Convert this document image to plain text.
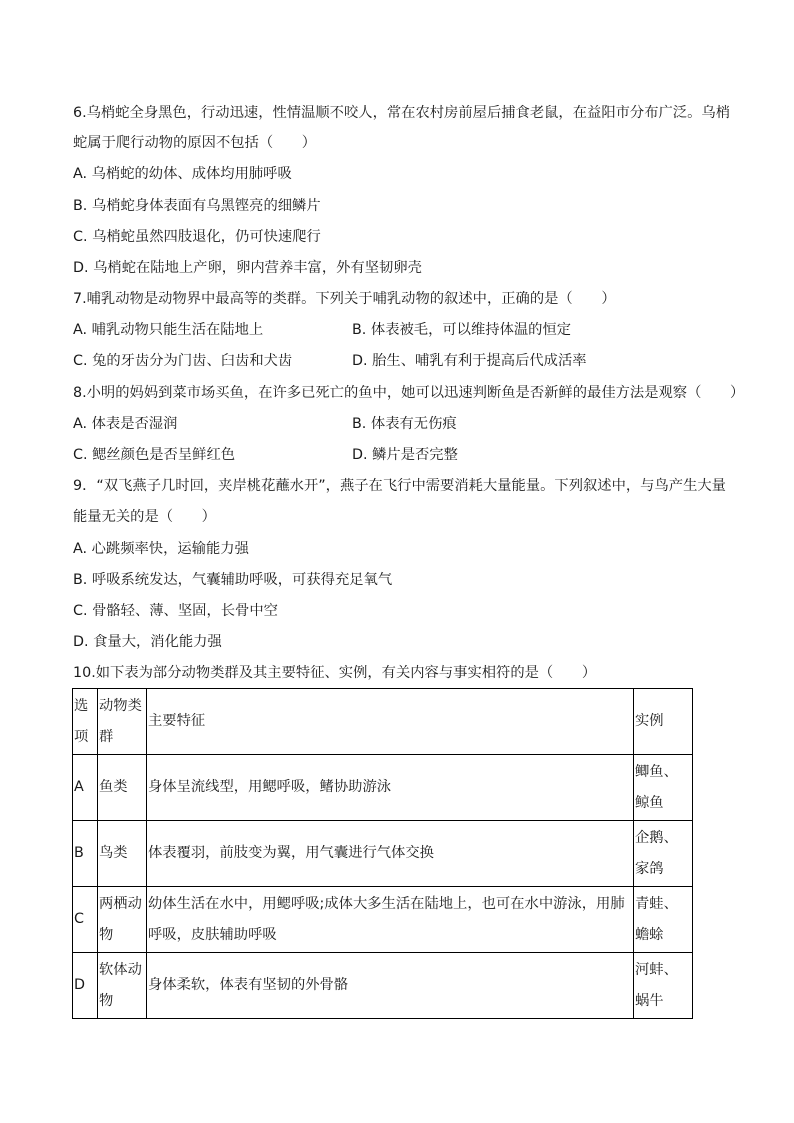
6.乌梢蛇全身黑色，行动迅速，性情温顺不咬人，常在农村房前屋后捕食老鼠，在益阳市分布广泛。乌梢
蛇属于爬行动物的原因不包括（　　）
A. 乌梢蛇的幼体、成体均用肺呼吸
B. 乌梢蛇身体表面有乌黑铿亮的细鳞片
C. 乌梢蛇虽然四肢退化，仍可快速爬行
D. 乌梢蛇在陆地上产卵，卵内营养丰富，外有坚韧卵壳
7.哺乳动物是动物界中最高等的类群。下列关于哺乳动物的叙述中，正确的是（　　）
A. 哺乳动物只能生活在陆地上	B. 体表被毛，可以维持体温的恒定
C. 兔的牙齿分为门齿、臼齿和犬齿	D. 胎生、哺乳有利于提高后代成活率
8.小明的妈妈到菜市场买鱼，在许多已死亡的鱼中，她可以迅速判断鱼是否新鲜的最佳方法是观察（　　）
A. 体表是否湿润	B. 体表有无伤痕
C. 鳃丝颜色是否呈鲜红色	D. 鳞片是否完整
9．“双飞燕子几时回，夹岸桃花蘸水开”，燕子在飞行中需要消耗大量能量。下列叙述中，与鸟产生大量
能量无关的是（　　）
A. 心跳频率快，运输能力强
B. 呼吸系统发达，气囊辅助呼吸，可获得充足氧气
C. 骨骼轻、薄、坚固，长骨中空
D. 食量大，消化能力强
10.如下表为部分动物类群及其主要特征、实例，有关内容与事实相符的是（　　）
选项	动物类群	主要特征	实例
A	鱼类	身体呈流线型，用鳃呼吸，鳍协助游泳	鲫鱼、鲸鱼
B	鸟类	体表覆羽，前肢变为翼，用气囊进行气体交换	企鹅、家鸽
C	两栖动物	幼体生活在水中，用鳃呼吸;成体大多生活在陆地上，也可在水中游泳，用肺呼吸，皮肤辅助呼吸	青蛙、蟾蜍
D	软体动物	身体柔软，体表有坚韧的外骨骼	河蚌、蜗牛
